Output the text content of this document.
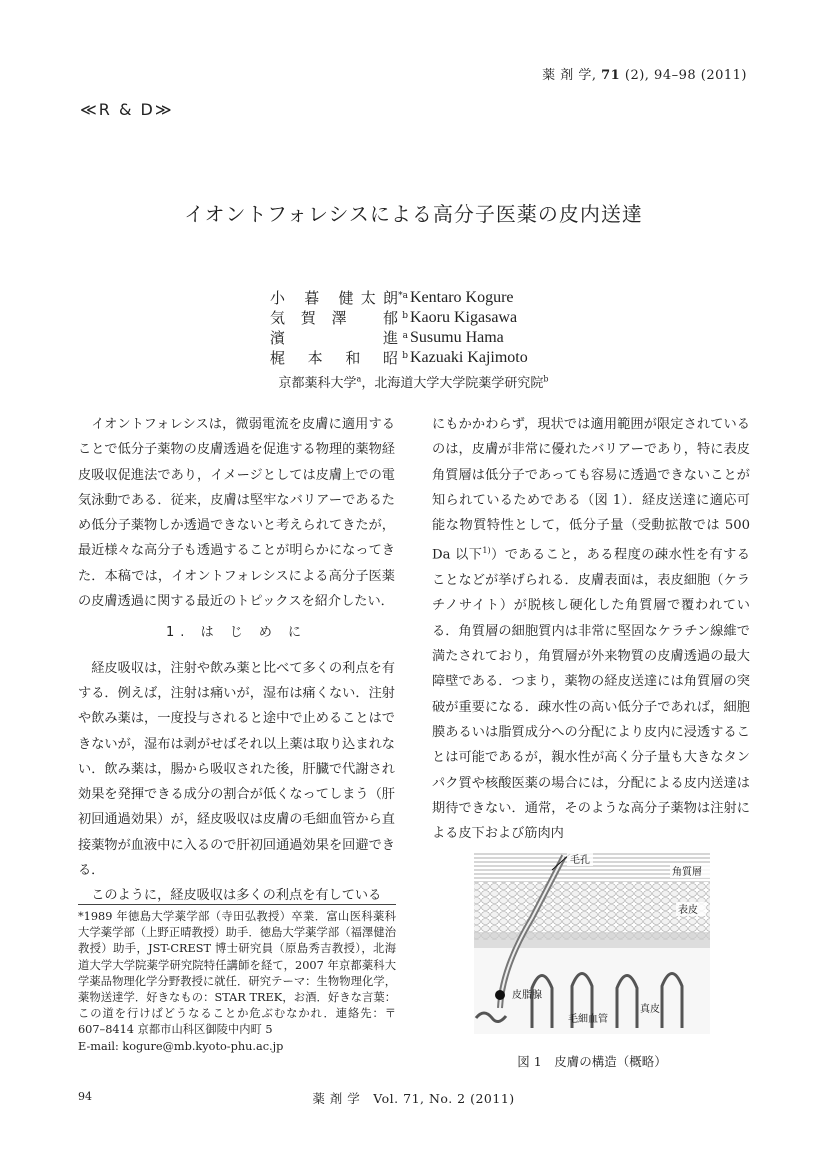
薬 剤 学, 71 (2), 94–98 (2011)
≪R & D≫
イオントフォレシスによる高分子医薬の皮内送達
小 暮 健太朗 *a Kentaro Kogure
気賀澤 郁 b Kaoru Kigasawa
濱 進 a Susumu Hama
梶 本 和 昭 b Kazuaki Kajimoto
京都薬科大学$^a$，北海道大学大学院薬学研究院$^b$

イオントフォレシスは，微弱電流を皮膚に適用することで低分子薬物の皮膚透過を促進する物理的薬物経皮吸収促進法であり，イメージとしては皮膚上での電気泳動である．従来，皮膚は堅牢なバリアーであるため低分子薬物しか透過できないと考えられてきたが，最近様々な高分子も透過することが明らかになってきた．本稿では，イオントフォレシスによる高分子医薬の皮膚透過に関する最近のトピックスを紹介したい．

1. は じ め に

経皮吸収は，注射や飲み薬と比べて多くの利点を有する．例えば，注射は痛いが，湿布は痛くない．注射や飲み薬は，一度投与されると途中で止めることはできないが，湿布は剥がせばそれ以上薬は取り込まれない．飲み薬は，腸から吸収された後，肝臓で代謝され効果を発揮できる成分の割合が低くなってしまう（肝初回通過効果）が，経皮吸収は皮膚の毛細血管から直接薬物が血液中に入るので肝初回通過効果を回避できる．

このように，経皮吸収は多くの利点を有している

にもかかわらず，現状では適用範囲が限定されているのは，皮膚が非常に優れたバリアーであり，特に表皮角質層は低分子であっても容易に透過できないことが知られているためである（図 1）．経皮送達に適応可能な物質特性として，低分子量（受動拡散では 500 Da 以下$^{1)}$）であること，ある程度の疎水性を有することなどが挙げられる．皮膚表面は，表皮細胞（ケラチノサイト）が脱核し硬化した角質層で覆われている．角質層の細胞質内は非常に堅固なケラチン線維で満たされており，角質層が外来物質の皮膚透過の最大障壁である．つまり，薬物の経皮送達には角質層の突破が重要になる．疎水性の高い低分子であれば，細胞膜あるいは脂質成分への分配により皮内に浸透することは可能であるが，親水性が高く分子量も大きなタンパク質や核酸医薬の場合には，分配による皮内送達は期待できない．通常，そのような高分子薬物は注射による皮下および筋肉内

*1989 年徳島大学薬学部（寺田弘教授）卒業．富山医科薬科大学薬学部（上野正晴教授）助手．徳島大学薬学部（福澤健治教授）助手，JST-CREST 博士研究員（原島秀吉教授），北海道大学大学院薬学研究院特任講師を経て，2007 年京都薬科大学薬品物理化学分野教授に就任．研究テーマ：生物物理化学，薬物送達学．好きなもの：STAR TREK，お酒．好きな言葉：この道を行けばどうなることか危ぶむなかれ．連絡先：〒607–8414 京都市山科区御陵中内町 5
E-mail: kogure@mb.kyoto-phu.ac.jp
毛孔
角質層
表皮
皮脂腺
真皮
毛細血管
図 1　皮膚の構造（概略）
94	薬 剤 学　Vol. 71, No. 2 (2011)
